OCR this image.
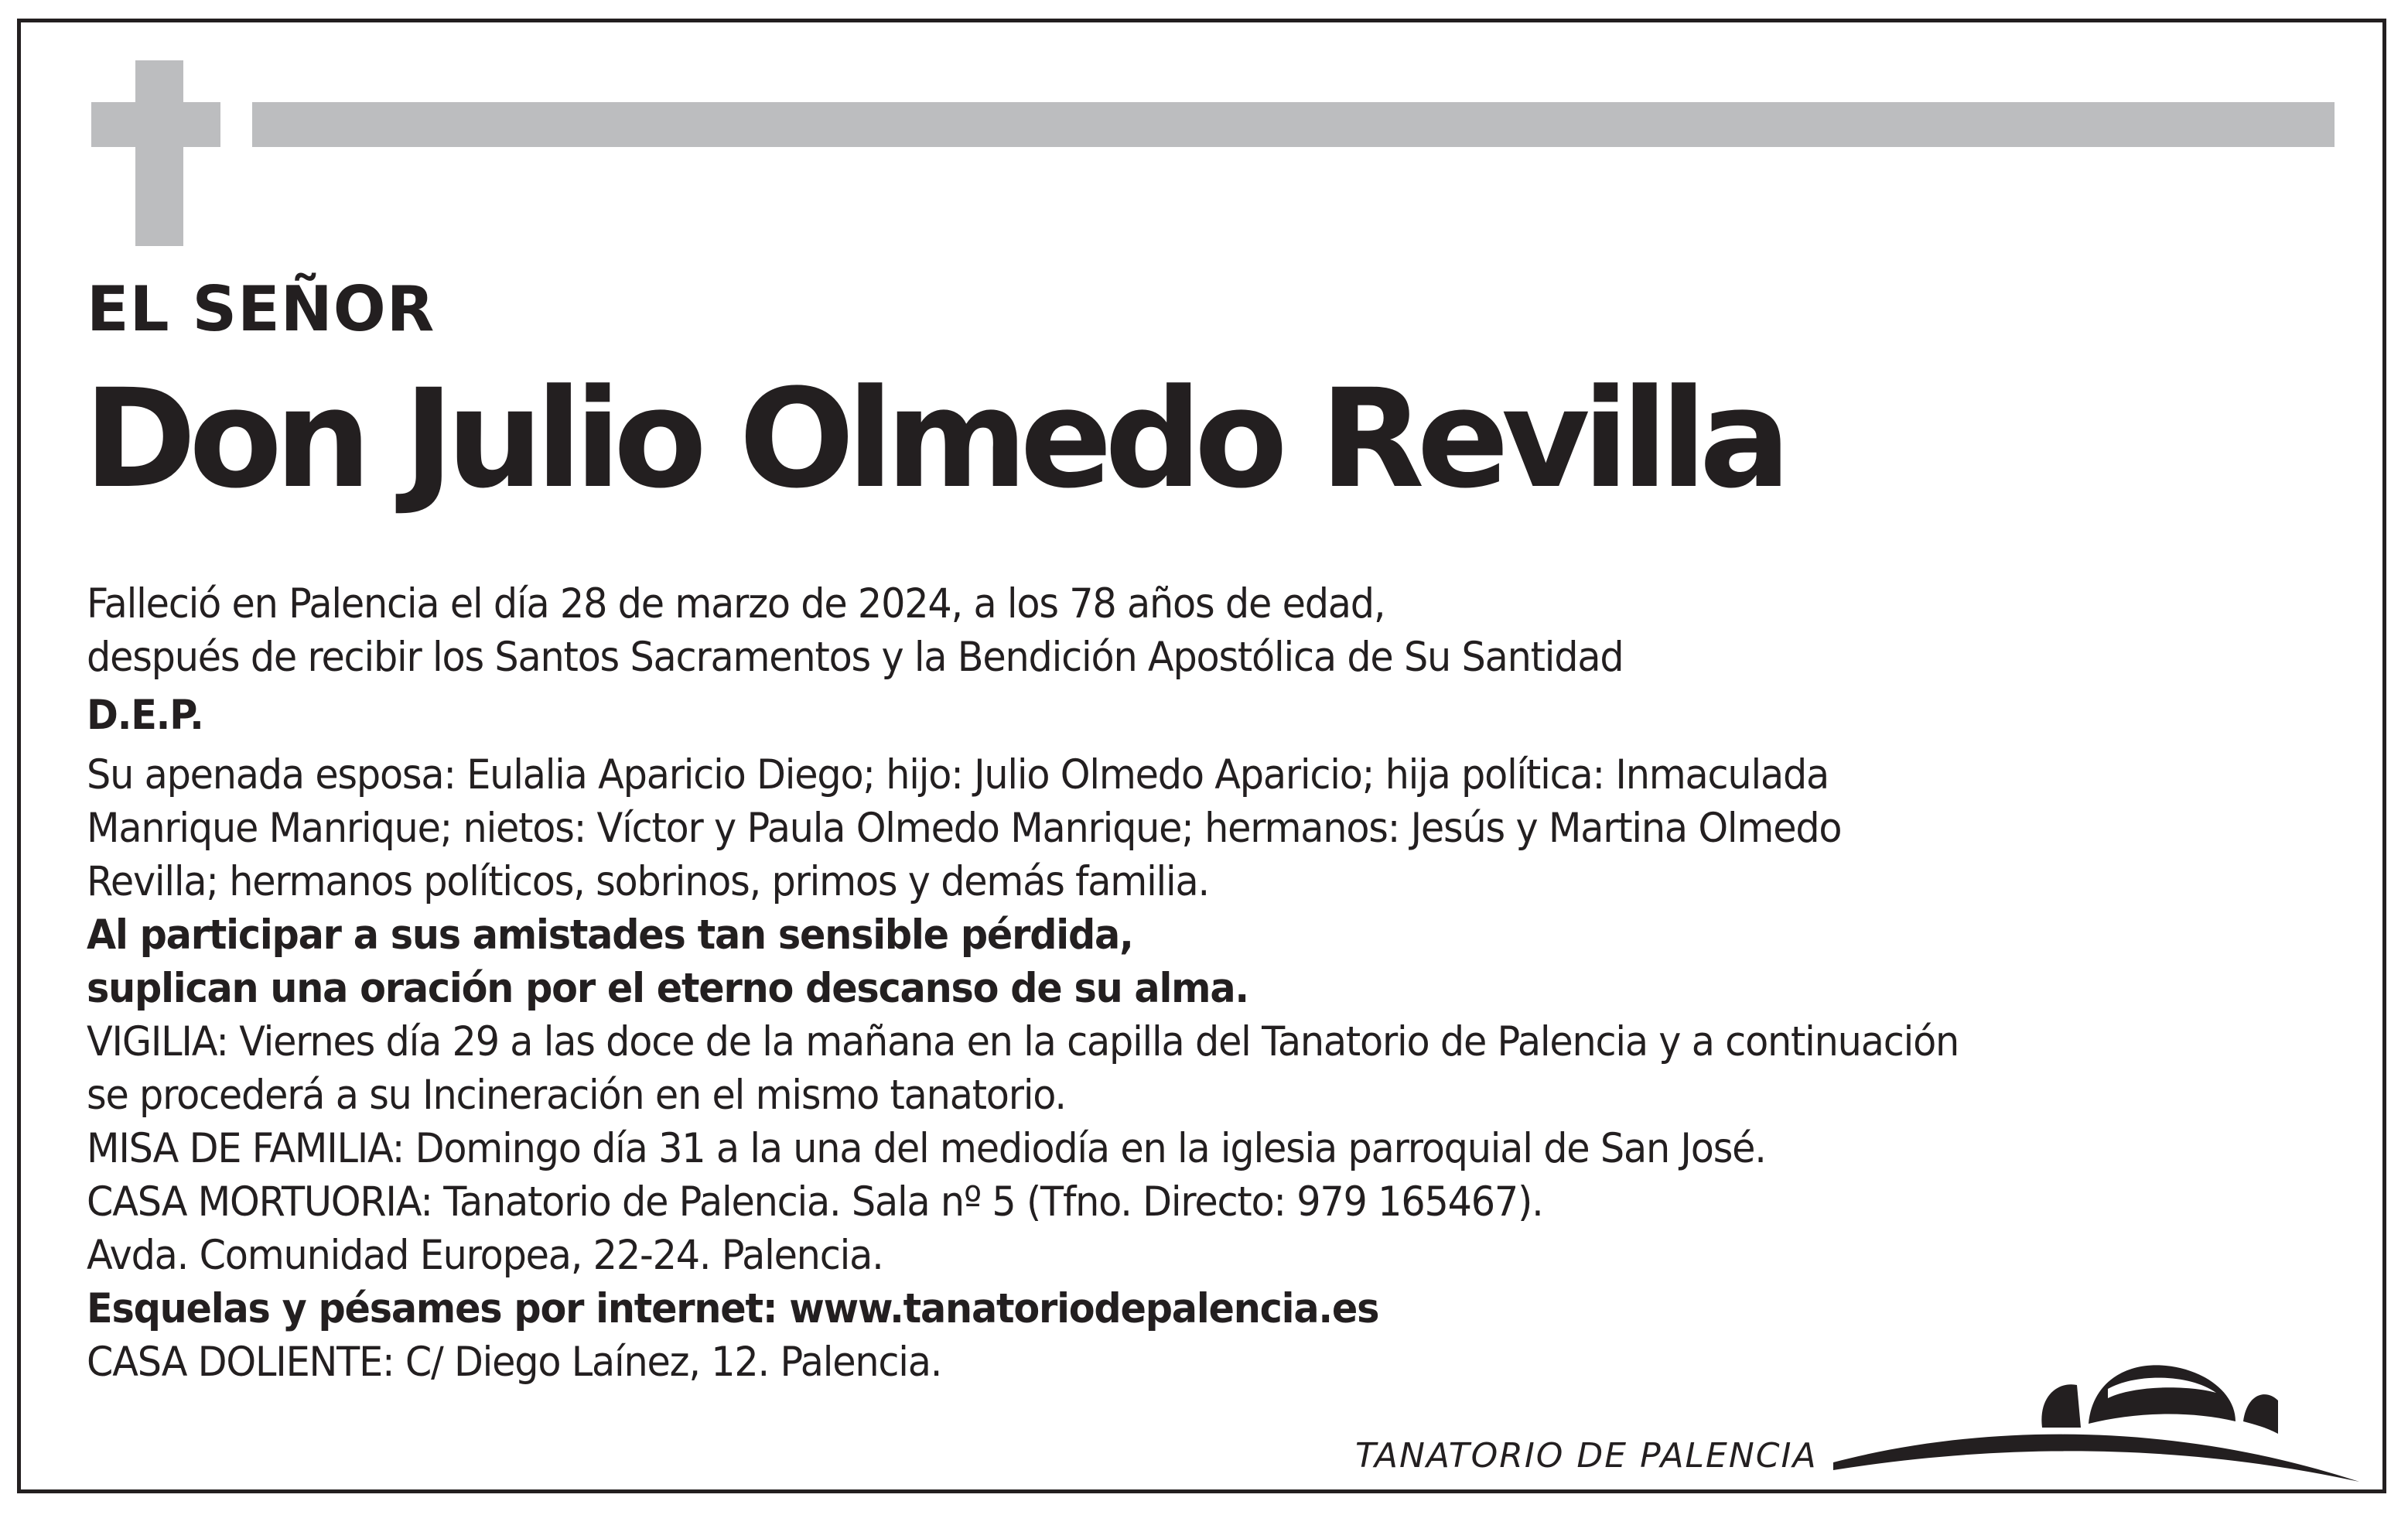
EL SEÑOR
Don Julio Olmedo Revilla

Falleció en Palencia el día 28 de marzo de 2024, a los 78 años de edad,

después de recibir los Santos Sacramentos y la Bendición Apostólica de Su Santidad

D.E.P.

Su apenada esposa: Eulalia Aparicio Diego; hijo: Julio Olmedo Aparicio; hija política: Inmaculada

Manrique Manrique; nietos: Víctor y Paula Olmedo Manrique; hermanos: Jesús y Martina Olmedo

Revilla; hermanos políticos, sobrinos, primos y demás familia.

Al participar a sus amistades tan sensible pérdida,

suplican una oración por el eterno descanso de su alma.

VIGILIA: Viernes día 29 a las doce de la mañana en la capilla del Tanatorio de Palencia y a continuación

se procederá a su Incineración en el mismo tanatorio.

MISA DE FAMILIA: Domingo día 31 a la una del mediodía en la iglesia parroquial de San José.

CASA MORTUORIA: Tanatorio de Palencia. Sala nº 5 (Tfno. Directo: 979 165467).

Avda. Comunidad Europea, 22-24. Palencia.

Esquelas y pésames por internet: www.tanatoriodepalencia.es

CASA DOLIENTE: C/ Diego Laínez, 12. Palencia.

TANATORIO DE PALENCIA
